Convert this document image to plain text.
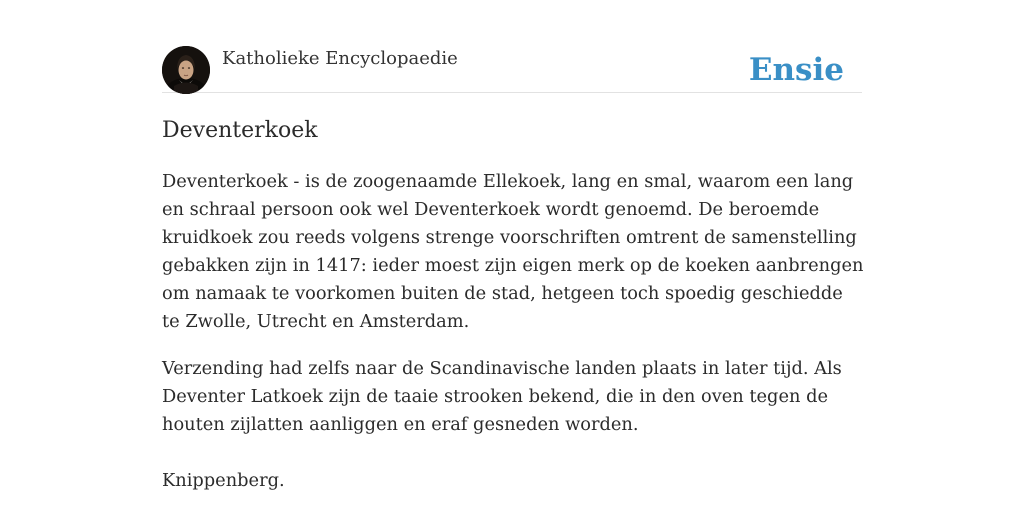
Katholieke Encyclopaedie	Ensie
Deventerkoek

Deventerkoek - is de zoogenaamde Ellekoek, lang en smal, waarom een lang en schraal persoon ook wel Deventerkoek wordt genoemd. De beroemde kruidkoek zou reeds volgens strenge voorschriften omtrent de samenstelling gebakken zijn in 1417: ieder moest zijn eigen merk op de koeken aanbrengen om namaak te voorkomen buiten de stad, hetgeen toch spoedig geschiedde te Zwolle, Utrecht en Amsterdam.

Verzending had zelfs naar de Scandinavische landen plaats in later tijd. Als Deventer Latkoek zijn de taaie strooken bekend, die in den oven tegen de houten zijlatten aanliggen en eraf gesneden worden.

Knippenberg.
